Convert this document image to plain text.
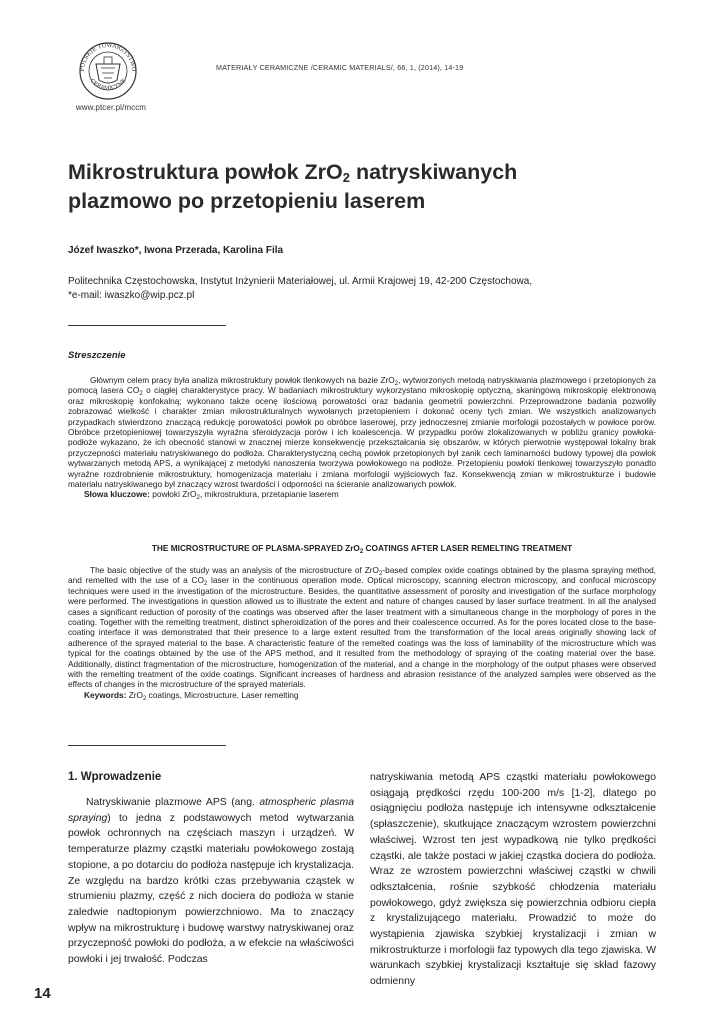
POLSKIE TOWARZYSTWO
CERAMICZNE
www.ptcer.pl/mccm
MATERIAŁY CERAMICZNE /CERAMIC MATERIALS/, 66, 1, (2014), 14-19
Mikrostruktura powłok ZrO$_2$ natryskiwanych
plazmowo po przetopieniu laserem
Józef Iwaszko*, Iwona Przerada, Karolina Fila
Politechnika Częstochowska, Instytut Inżynierii Materiałowej, ul. Armii Krajowej 19, 42-200 Częstochowa,
*e-mail: iwaszko@wip.pcz.pl
Streszczenie

Głównym celem pracy była analiza mikrostruktury powłok tlenkowych na bazie ZrO$_2$, wytworzonych metodą natryskiwania plazmowego i przetopionych za pomocą lasera $CO_2$ o ciągłej charakterystyce pracy. W badaniach mikrostruktury wykorzystano mikroskopię optyczną, skaningową mikroskopię elektronową oraz mikroskopię konfokalną; wykonano także ocenę ilościową porowatości oraz badania geometrii powierzchni. Przeprowadzone badania pozwoliły zobrazować wielkość i charakter zmian mikrostrukturalnych wywołanych przetopieniem i dokonać oceny tych zmian. We wszystkich analizowanych przypadkach stwierdzono znaczącą redukcję porowatości powłok po obróbce laserowej, przy jednoczesnej zmianie morfologii pozostałych w powłoce porów. Obróbce przetopieniowej towarzyszyła wyraźna sferoidyzacja porów i ich koalescencja. W przypadku porów zlokalizowanych w pobliżu granicy powłoka-podłoże wykazano, że ich obecność stanowi w znacznej mierze konsekwencję przekształcania się obszarów, w których pierwotnie występował lokalny brak przyczepności materiału natryskiwanego do podłoża. Charakterystyczną cechą powłok przetopionych był zanik cech laminarności budowy typowej dla powłok wytwarzanych metodą APS, a wynikającej z metodyki nanoszenia tworzywa powłokowego na podłoże. Przetopieniu powłoki tlenkowej towarzyszyło ponadto wyraźne rozdrobnienie mikrostruktury, homogenizacja materiału i zmiana morfologii wyjściowych faz. Konsekwencją zmian w mikrostrukturze i budowie materiału natryskiwanego był znaczący wzrost twardości i odporności na ścieranie analizowanych powłok.

Słowa kluczowe: powłoki ZrO$_2$, mikrostruktura, przetapianie laserem

THE MICROSTRUCTURE OF PLASMA-SPRAYED ZrO$_2$ COATINGS AFTER LASER REMELTING TREATMENT

The basic objective of the study was an analysis of the microstructure of ZrO$_2$-based complex oxide coatings obtained by the plasma spraying method, and remelted with the use of a $CO_2$ laser in the continuous operation mode. Optical microscopy, scanning electron microscopy, and confocal microscopy techniques were used in the investigation of the microstructure. Besides, the quantitative assessment of porosity and investigation of the surface morphology were performed. The investigations in question allowed us to illustrate the extent and nature of changes caused by laser surface treatment. In all the analysed cases a significant reduction of porosity of the coatings was observed after the laser treatment with a simultaneous change in the morphology of pores in the coating. Together with the remelting treatment, distinct spheroidization of the pores and their coalescence occurred. As for the pores located close to the base-coating interface it was demonstrated that their presence to a large extent resulted from the transformation of the local areas originally showing lack of adherence of the sprayed material to the base. A characteristic feature of the remelted coatings was the loss of laminability of the microstructure which was typical for the coatings obtained by the use of the APS method, and it resulted from the methodology of spraying of the coating material over the base. Additionally, distinct fragmentation of the microstructure, homogenization of the material, and a change in the morphology of the output phases were observed with the remelting treatment of the oxide coatings. Significant increases of hardness and abrasion resistance of the analyzed samples were observed as the effects of changes in the microstructure of the sprayed materials.

Keywords: ZrO$_2$ coatings, Microstructure, Laser remelting

1. Wprowadzenie

Natryskiwanie plazmowe APS (ang. atmospheric plasma spraying) to jedna z podstawowych metod wytwarzania powłok ochronnych na częściach maszyn i urządzeń. W temperaturze plazmy cząstki materiału powłokowego zostają stopione, a po dotarciu do podłoża następuje ich krystalizacja. Ze względu na bardzo krótki czas przebywania cząstek w strumieniu plazmy, część z nich dociera do podłoża w stanie zaledwie nadtopionym powierzchniowo. Ma to znaczący wpływ na mikrostrukturę i budowę warstwy natryskiwanej oraz przyczepność powłoki do podłoża, a w efekcie na właściwości powłoki i jej trwałość. Podczas

natryskiwania metodą APS cząstki materiału powłokowego osiągają prędkości rzędu 100-200 m/s [1-2], dlatego po osiągnięciu podłoża następuje ich intensywne odkształcenie (spłaszczenie), skutkujące znaczącym wzrostem powierzchni właściwej. Wzrost ten jest wypadkową nie tylko prędkości cząstki, ale także postaci w jakiej cząstka dociera do podłoża. Wraz ze wzrostem powierzchni właściwej cząstki w chwili odkształcenia, rośnie szybkość chłodzenia materiału powłokowego, gdyż zwiększa się powierzchnia odbioru ciepła z krystalizującego materiału. Prowadzić to może do wystąpienia zjawiska szybkiej krystalizacji i zmian w mikrostrukturze i morfologii faz typowych dla tego zjawiska. W warunkach szybkiej krystalizacji kształtuje się skład fazowy odmienny

14
